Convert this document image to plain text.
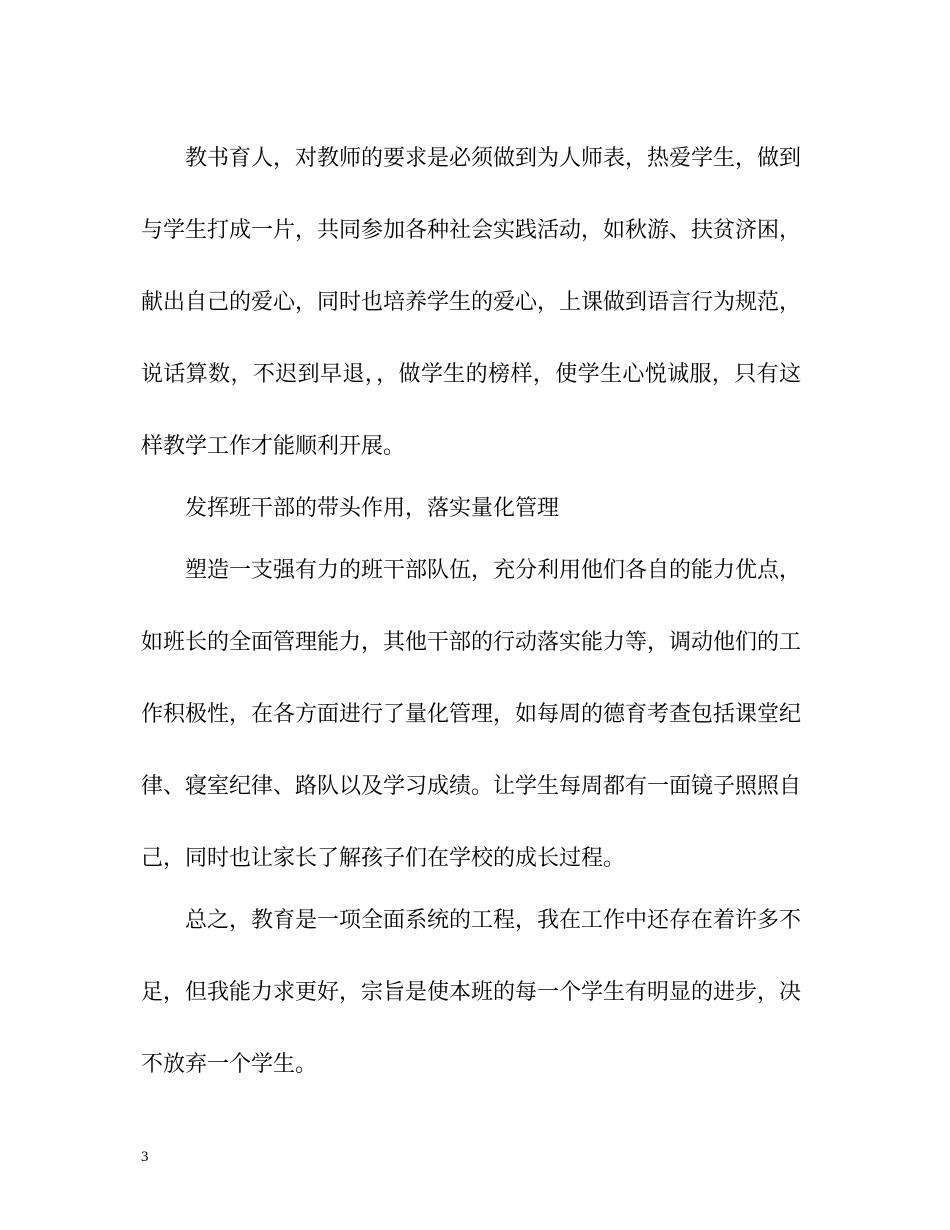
教书育人，对教师的要求是必须做到为人师表，热爱学生，做到
与学生打成一片，共同参加各种社会实践活动，如秋游、扶贫济困，
献出自己的爱心，同时也培养学生的爱心，上课做到语言行为规范，
说话算数，不迟到早退，，做学生的榜样，使学生心悦诚服，只有这
样教学工作才能顺利开展。
发挥班干部的带头作用，落实量化管理
塑造一支强有力的班干部队伍，充分利用他们各自的能力优点，
如班长的全面管理能力，其他干部的行动落实能力等，调动他们的工
作积极性，在各方面进行了量化管理，如每周的德育考查包括课堂纪
律、寝室纪律、路队以及学习成绩。让学生每周都有一面镜子照照自
己，同时也让家长了解孩子们在学校的成长过程。
总之，教育是一项全面系统的工程，我在工作中还存在着许多不
足，但我能力求更好，宗旨是使本班的每一个学生有明显的进步，决
不放弃一个学生。
3
